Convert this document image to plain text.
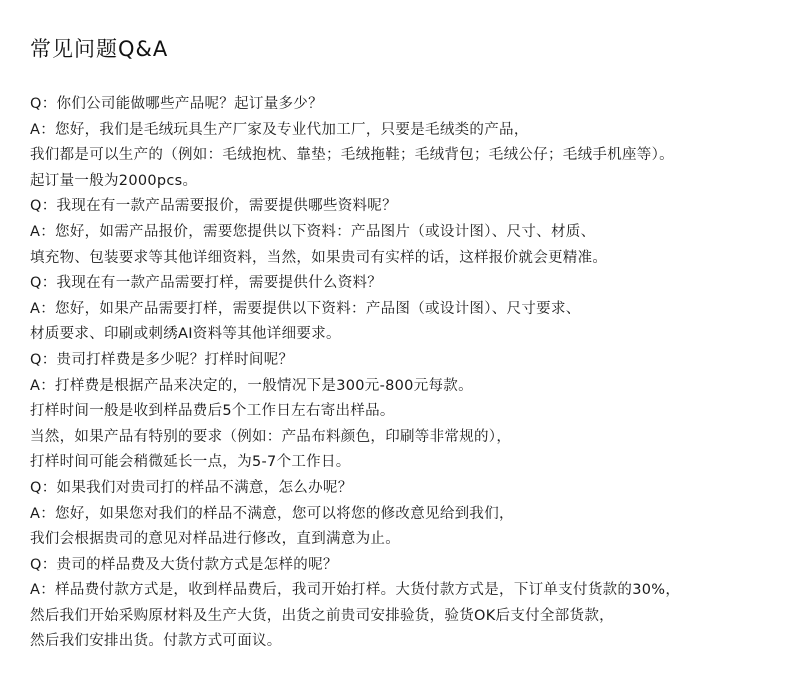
常见问题Q&A
Q：你们公司能做哪些产品呢？起订量多少？
A：您好，我们是毛绒玩具生产厂家及专业代加工厂，只要是毛绒类的产品，
我们都是可以生产的（例如：毛绒抱枕、靠垫；毛绒拖鞋；毛绒背包；毛绒公仔；毛绒手机座等）。
起订量一般为2000pcs。
Q：我现在有一款产品需要报价，需要提供哪些资料呢？
A：您好，如需产品报价，需要您提供以下资料：产品图片（或设计图）、尺寸、材质、
填充物、包装要求等其他详细资料，当然，如果贵司有实样的话，这样报价就会更精准。
Q：我现在有一款产品需要打样，需要提供什么资料？
A：您好，如果产品需要打样，需要提供以下资料：产品图（或设计图）、尺寸要求、
材质要求、印刷或刺绣AI资料等其他详细要求。
Q：贵司打样费是多少呢？打样时间呢？
A：打样费是根据产品来决定的，一般情况下是300元-800元每款。
打样时间一般是收到样品费后5个工作日左右寄出样品。
当然，如果产品有特别的要求（例如：产品布料颜色，印刷等非常规的），
打样时间可能会稍微延长一点，为5-7个工作日。
Q：如果我们对贵司打的样品不满意，怎么办呢？
A：您好，如果您对我们的样品不满意，您可以将您的修改意见给到我们，
我们会根据贵司的意见对样品进行修改，直到满意为止。
Q：贵司的样品费及大货付款方式是怎样的呢？
A：样品费付款方式是，收到样品费后，我司开始打样。大货付款方式是，下订单支付货款的30%，
然后我们开始采购原材料及生产大货，出货之前贵司安排验货，验货OK后支付全部货款，
然后我们安排出货。付款方式可面议。
